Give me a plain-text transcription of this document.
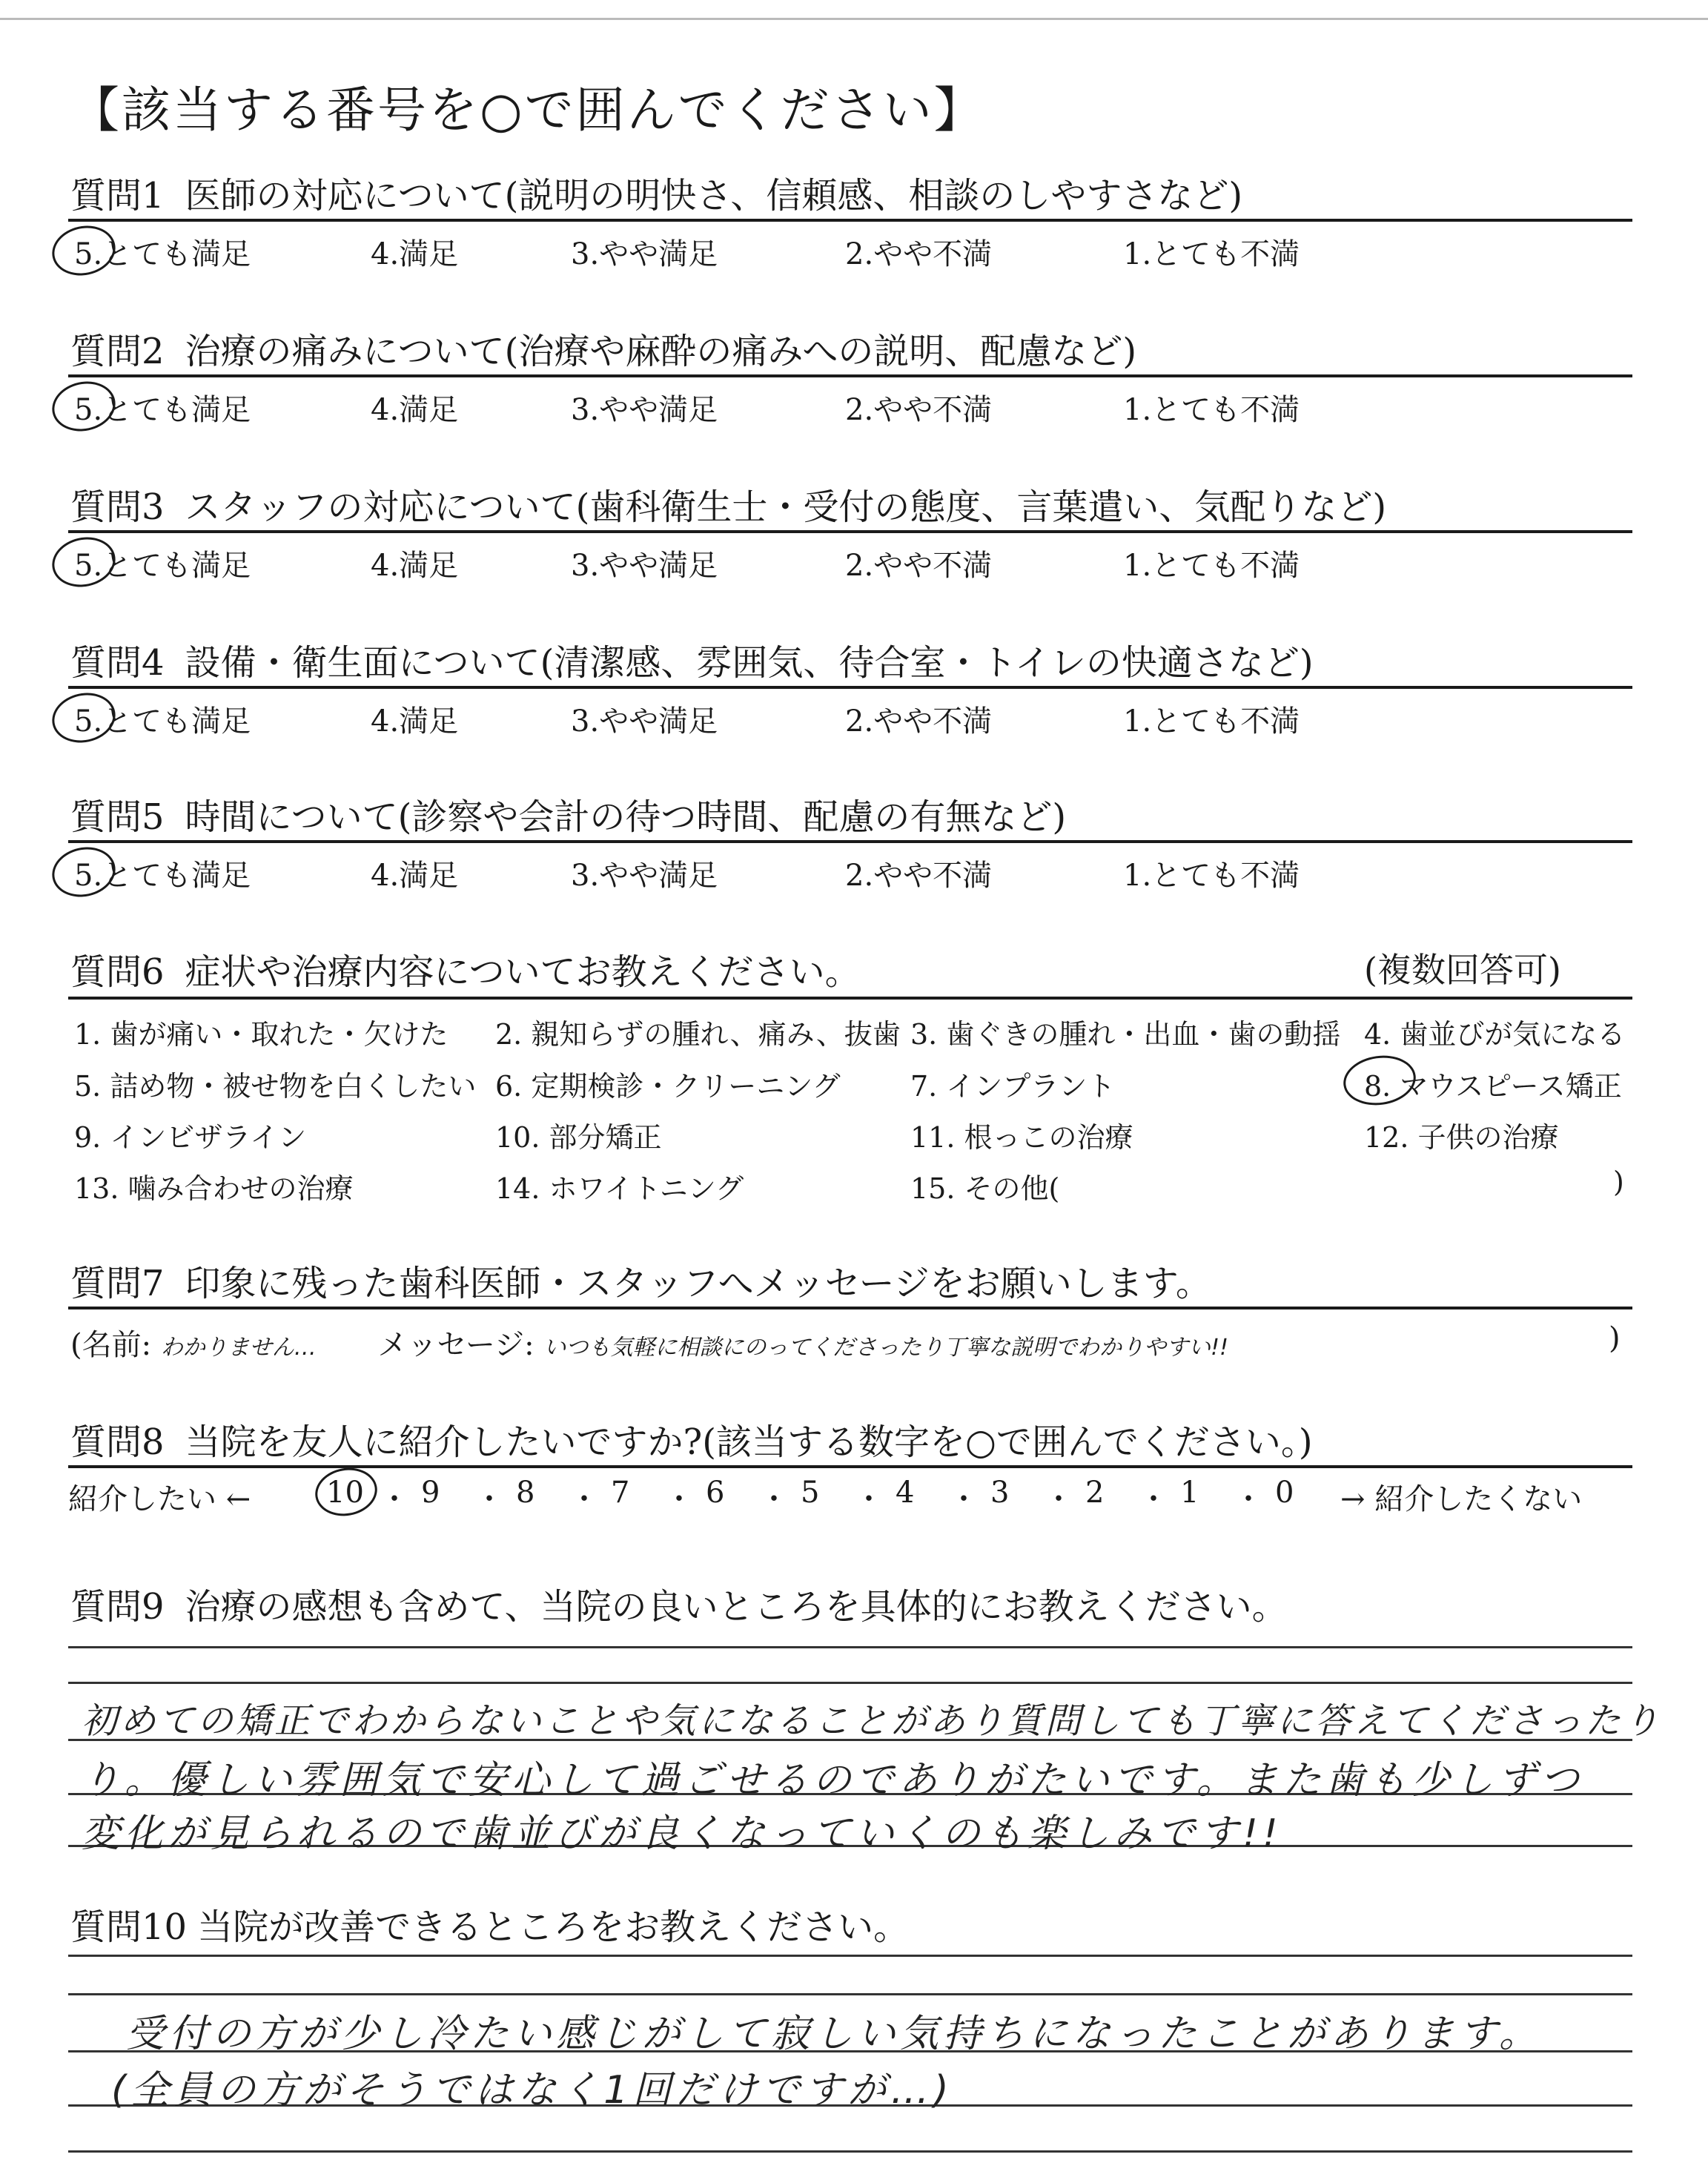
【該当する番号を○で囲んでください】
質問1 医師の対応について(説明の明快さ、信頼感、相談のしやすさなど)
5.とても満足	4.満足	3.やや満足	2.やや不満	1.とても不満
質問2 治療の痛みについて(治療や麻酔の痛みへの説明、配慮など)
5.とても満足	4.満足	3.やや満足	2.やや不満	1.とても不満
質問3 スタッフの対応について(歯科衛生士・受付の態度、言葉遣い、気配りなど)
5.とても満足	4.満足	3.やや満足	2.やや不満	1.とても不満
質問4 設備・衛生面について(清潔感、雰囲気、待合室・トイレの快適さなど)
5.とても満足	4.満足	3.やや満足	2.やや不満	1.とても不満
質問5 時間について(診察や会計の待つ時間、配慮の有無など)
5.とても満足	4.満足	3.やや満足	2.やや不満	1.とても不満
質問6 症状や治療内容についてお教えください。	(複数回答可)
1. 歯が痛い・取れた・欠けた 2. 親知らずの腫れ、痛み、抜歯 3. 歯ぐきの腫れ・出血・歯の動揺 4. 歯並びが気になる
5. 詰め物・被せ物を白くしたい 6. 定期検診・クリーニング 7. インプラント	8. マウスピース矯正
9. インビザライン	10. 部分矯正	11. 根っこの治療	12. 子供の治療
13. 噛み合わせの治療	14. ホワイトニング	15. その他(	)
質問7 印象に残った歯科医師・スタッフへメッセージをお願いします。
(名前: わかりません… メッセージ: いつも気軽に相談にのってくださったり丁寧な説明でわかりやすい!!	)
質問8 当院を友人に紹介したいですか?(該当する数字を○で囲んでください。)
紹介したい ←	→ 紹介したくない
10 ・ 9 ・ 8 ・ 7 ・ 6 ・ 5 ・ 4 ・ 3 ・ 2 ・ 1 ・ 0
質問9 治療の感想も含めて、当院の良いところを具体的にお教えください。
初めての矯正でわからないことや気になることがあり質問しても丁寧に答えてくださったり
り。優しい雰囲気で安心して過ごせるのでありがたいです。また歯も少しずつ
変化が見られるので歯並びが良くなっていくのも楽しみです!!
質問10 当院が改善できるところをお教えください。
受付の方が少し冷たい感じがして寂しい気持ちになったことがあります。
(全員の方がそうではなく1回だけですが…)
